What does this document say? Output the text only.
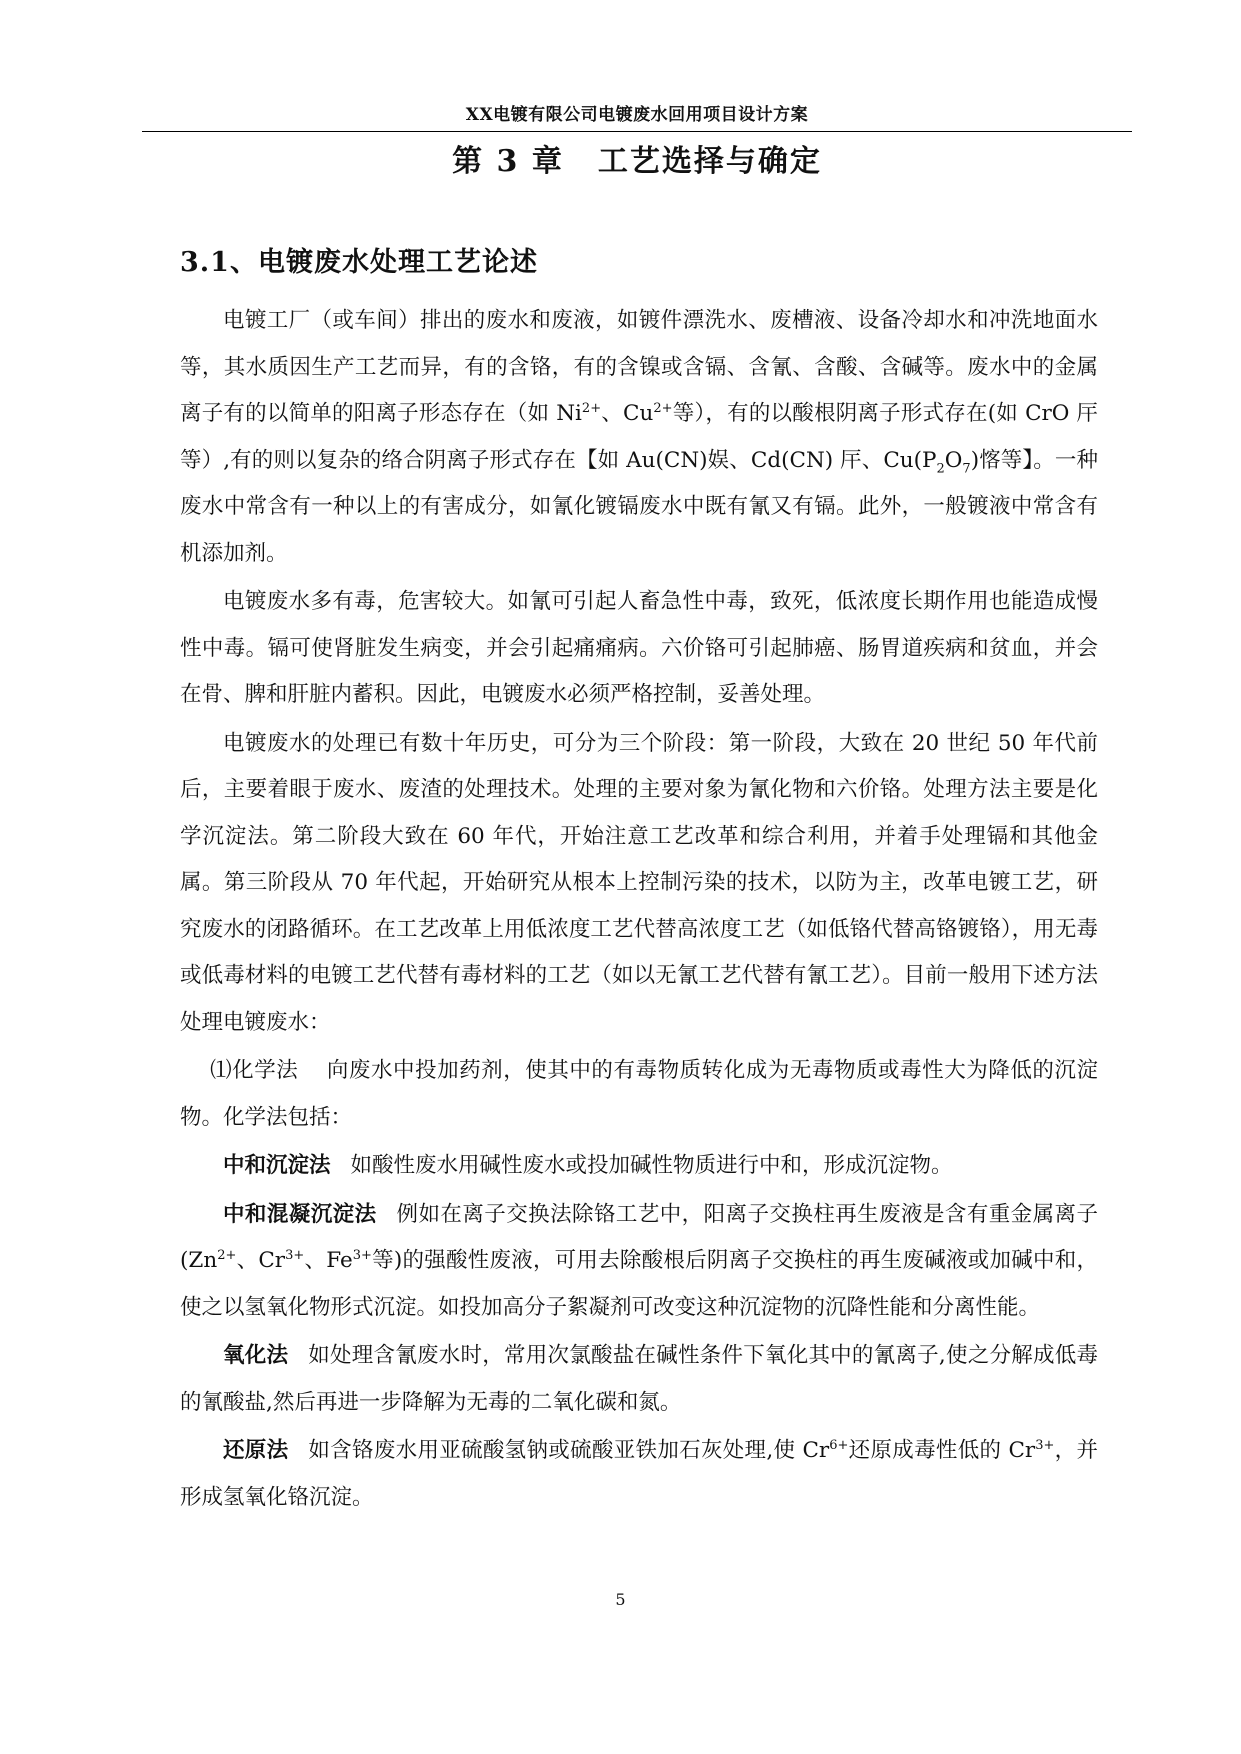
XX电镀有限公司电镀废水回用项目设计方案
第 3 章 工艺选择与确定
3.1、电镀废水处理工艺论述

电镀工厂（或车间）排出的废水和废液，如镀件漂洗水、废槽液、设备冷却水和冲洗地面水等，其水质因生产工艺而异，有的含铬，有的含镍或含镉、含氰、含酸、含碱等。废水中的金属离子有的以简单的阳离子形态存在（如 $Ni^{2+}$、$Cu^{2+}$等），有的以酸根阴离子形式存在(如 CrO 厈等）,有的则以复杂的络合阴离子形式存在【如 Au(CN)娱、Cd(CN) 厈、$Cu(P_2O_7)$愘等】。一种废水中常含有一种以上的有害成分，如氰化镀镉废水中既有氰又有镉。此外，一般镀液中常含有机添加剂。

电镀废水多有毒，危害较大。如氰可引起人畜急性中毒，致死，低浓度长期作用也能造成慢性中毒。镉可使肾脏发生病变，并会引起痛痛病。六价铬可引起肺癌、肠胃道疾病和贫血，并会在骨、脾和肝脏内蓄积。因此，电镀废水必须严格控制，妥善处理。

电镀废水的处理已有数十年历史，可分为三个阶段：第一阶段，大致在 20 世纪 50 年代前后，主要着眼于废水、废渣的处理技术。处理的主要对象为氰化物和六价铬。处理方法主要是化学沉淀法。第二阶段大致在 60 年代，开始注意工艺改革和综合利用，并着手处理镉和其他金属。第三阶段从 70 年代起，开始研究从根本上控制污染的技术，以防为主，改革电镀工艺，研究废水的闭路循环。在工艺改革上用低浓度工艺代替高浓度工艺（如低铬代替高铬镀铬），用无毒或低毒材料的电镀工艺代替有毒材料的工艺（如以无氰工艺代替有氰工艺）。目前一般用下述方法处理电镀废水：

⑴化学法 向废水中投加药剂，使其中的有毒物质转化成为无毒物质或毒性大为降低的沉淀物。化学法包括：

中和沉淀法 如酸性废水用碱性废水或投加碱性物质进行中和，形成沉淀物。

中和混凝沉淀法 例如在离子交换法除铬工艺中，阳离子交换柱再生废液是含有重金属离子 ($Zn^{2+}$、$Cr^{3+}$、$Fe^{3+}$等)的强酸性废液，可用去除酸根后阴离子交换柱的再生废碱液或加碱中和，使之以氢氧化物形式沉淀。如投加高分子絮凝剂可改变这种沉淀物的沉降性能和分离性能。

氧化法 如处理含氰废水时，常用次氯酸盐在碱性条件下氧化其中的氰离子,使之分解成低毒的氰酸盐,然后再进一步降解为无毒的二氧化碳和氮。

还原法 如含铬废水用亚硫酸氢钠或硫酸亚铁加石灰处理,使 $Cr^{6+}$还原成毒性低的 $Cr^{3+}$，并形成氢氧化铬沉淀。

5
